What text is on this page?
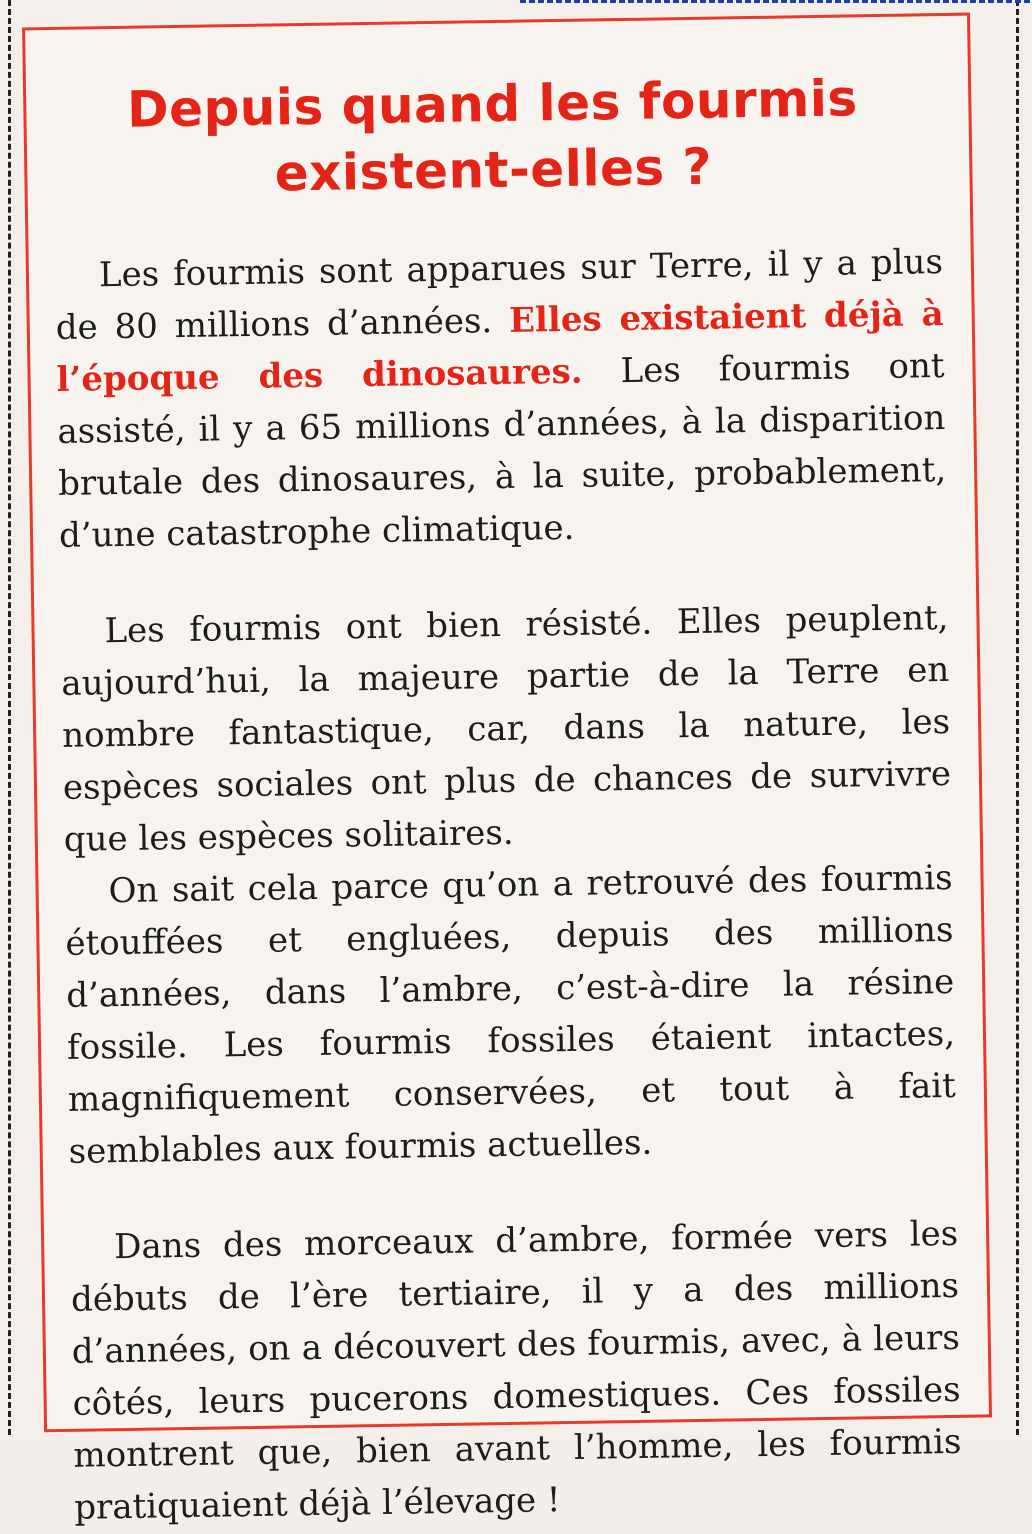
Depuis quand les fourmis existent-elles ?

Les fourmis sont apparues sur Terre, il y a plus de 80 millions d’années. Elles existaient déjà à l’époque des dinosaures. Les fourmis ont assisté, il y a 65 millions d’années, à la disparition brutale des dinosaures, à la suite, probablement, d’une catastrophe climatique.

Les fourmis ont bien résisté. Elles peuplent, aujourd’hui, la majeure partie de la Terre en nombre fantastique, car, dans la nature, les espèces sociales ont plus de chances de survivre que les espèces solitaires.

On sait cela parce qu’on a retrouvé des fourmis étouffées et engluées, depuis des millions d’années, dans l’ambre, c’est-à-dire la résine fossile. Les fourmis fossiles étaient intactes, magnifiquement conservées, et tout à fait semblables aux fourmis actuelles.

Dans des morceaux d’ambre, formée vers les débuts de l’ère tertiaire, il y a des millions d’années, on a découvert des fourmis, avec, à leurs côtés, leurs pucerons domestiques. Ces fossiles montrent que, bien avant l’homme, les fourmis pratiquaient déjà l’élevage !
